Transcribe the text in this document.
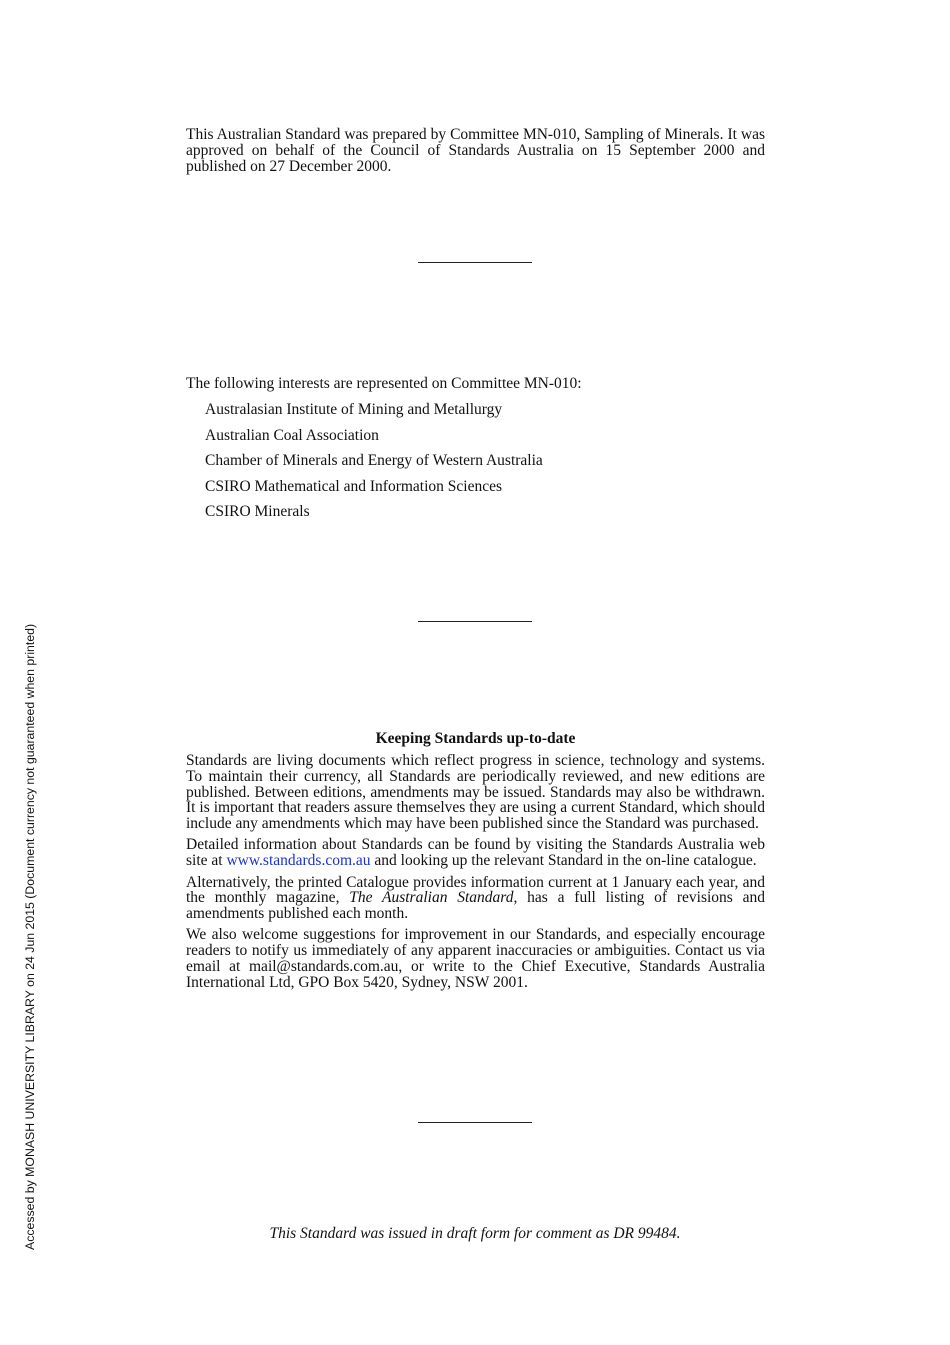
Accessed by MONASH UNIVERSITY LIBRARY on 24 Jun 2015 (Document currency not guaranteed when printed)

This Australian Standard was prepared by Committee MN-010, Sampling of Minerals. It was approved on behalf of the Council of Standards Australia on 15 September 2000 and published on 27 December 2000.

The following interests are represented on Committee MN-010:

Australasian Institute of Mining and Metallurgy
Australian Coal Association
Chamber of Minerals and Energy of Western Australia
CSIRO Mathematical and Information Sciences
CSIRO Minerals
Keeping Standards up-to-date

Standards are living documents which reflect progress in science, technology and systems. To maintain their currency, all Standards are periodically reviewed, and new editions are published. Between editions, amendments may be issued. Standards may also be withdrawn. It is important that readers assure themselves they are using a current Standard, which should include any amendments which may have been published since the Standard was purchased.

Detailed information about Standards can be found by visiting the Standards Australia web site at www.standards.com.au and looking up the relevant Standard in the on-line catalogue.

Alternatively, the printed Catalogue provides information current at 1 January each year, and the monthly magazine, The Australian Standard, has a full listing of revisions and amendments published each month.

We also welcome suggestions for improvement in our Standards, and especially encourage readers to notify us immediately of any apparent inaccuracies or ambiguities. Contact us via email at mail@standards.com.au, or write to the Chief Executive, Standards Australia International Ltd, GPO Box 5420, Sydney, NSW 2001.

This Standard was issued in draft form for comment as DR 99484.
